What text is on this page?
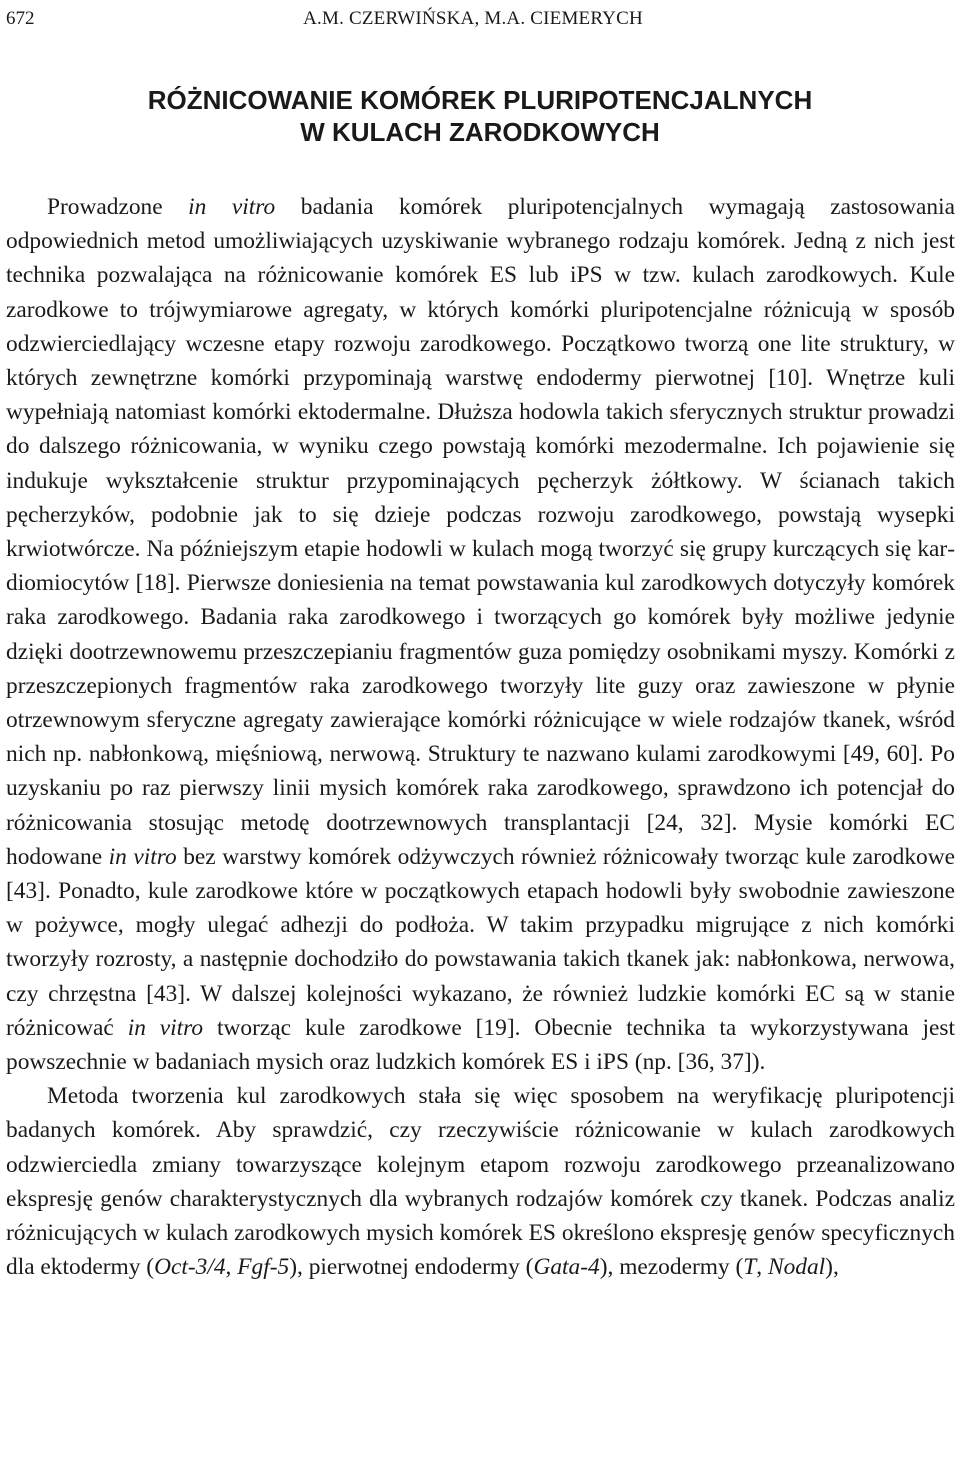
672	A.M. CZERWIŃSKA, M.A. CIEMERYCH
RÓŻNICOWANIE KOMÓREK PLURIPOTENCJALNYCH
W KULACH ZARODKOWYCH

Prowadzone in vitro badania komórek pluripotencjalnych wymagają zastosowania odpowiednich metod umożliwiających uzyskiwanie wybranego rodzaju komórek. Jedną z nich jest technika pozwalająca na różnicowanie komórek ES lub iPS w tzw. kulach zarodkowych. Kule zarodkowe to trójwymiarowe agregaty, w których komórki pluripotencjalne różnicują w sposób odzwierciedlający wczesne etapy rozwoju zarodkowego. Początkowo tworzą one lite struktury, w których zewnętrzne komórki przypominają warstwę endodermy pierwotnej [10]. Wnętrze kuli wypełniają natomiast komórki ektodermalne. Dłuższa hodowla takich sferycznych struktur prowadzi do dalszego różnicowania, w wyniku czego powstają komórki mezodermalne. Ich pojawienie się indukuje wykształcenie struktur przypominających pęcherzyk żółtkowy. W ścianach takich pęcherzyków, podobnie jak to się dzieje podczas rozwoju zarodkowego, powstają wysepki krwiotwórcze. Na późniejszym etapie hodowli w kulach mogą tworzyć się grupy kurczących się kardiomiocytów [18]. Pierwsze doniesienia na temat powstawania kul zarodkowych dotyczyły komórek raka zarodkowego. Badania raka zarodkowego i tworzących go komórek były możliwe jedynie dzięki dootrzewnowemu przeszczepianiu fragmentów guza pomiędzy osobnikami myszy. Komórki z przeszczepionych fragmentów raka zarodkowego tworzyły lite guzy oraz zawieszone w płynie otrzewnowym sferyczne agregaty zawierające komórki różnicujące w wiele rodzajów tkanek, wśród nich np. nabłonkową, mięśniową, nerwową. Struktury te nazwano kulami zarodkowymi [49, 60]. Po uzyskaniu po raz pierwszy linii mysich komórek raka zarodkowego, sprawdzono ich potencjał do różnicowania stosując metodę dootrzewnowych transplantacji [24, 32]. Mysie komórki EC hodowane in vitro bez warstwy komórek odżywczych również różnicowały tworząc kule zarodkowe [43]. Ponadto, kule zarodkowe które w początkowych etapach hodowli były swobodnie zawieszone w pożywce, mogły ulegać adhezji do podłoża. W takim przypadku migrujące z nich komórki tworzyły rozrosty, a następnie dochodziło do powstawania takich tkanek jak: nabłonkowa, nerwowa, czy chrzęstna [43]. W dalszej kolejności wykazano, że również ludzkie komórki EC są w stanie różnicować in vitro tworząc kule zarodkowe [19]. Obecnie technika ta wykorzystywana jest powszechnie w badaniach mysich oraz ludzkich komórek ES i iPS (np. [36, 37]).

Metoda tworzenia kul zarodkowych stała się więc sposobem na weryfikację pluripotencji badanych komórek. Aby sprawdzić, czy rzeczywiście różnicowanie w kulach zarodkowych odzwierciedla zmiany towarzyszące kolejnym etapom rozwoju zarodkowego przeanalizowano ekspresję genów charakterystycznych dla wybranych rodzajów komórek czy tkanek. Podczas analiz różnicujących w kulach zarodkowych mysich komórek ES określono ekspresję genów specyficznych dla ektodermy (Oct-3/4, Fgf-5), pierwotnej endodermy (Gata-4), mezodermy (T, Nodal),
